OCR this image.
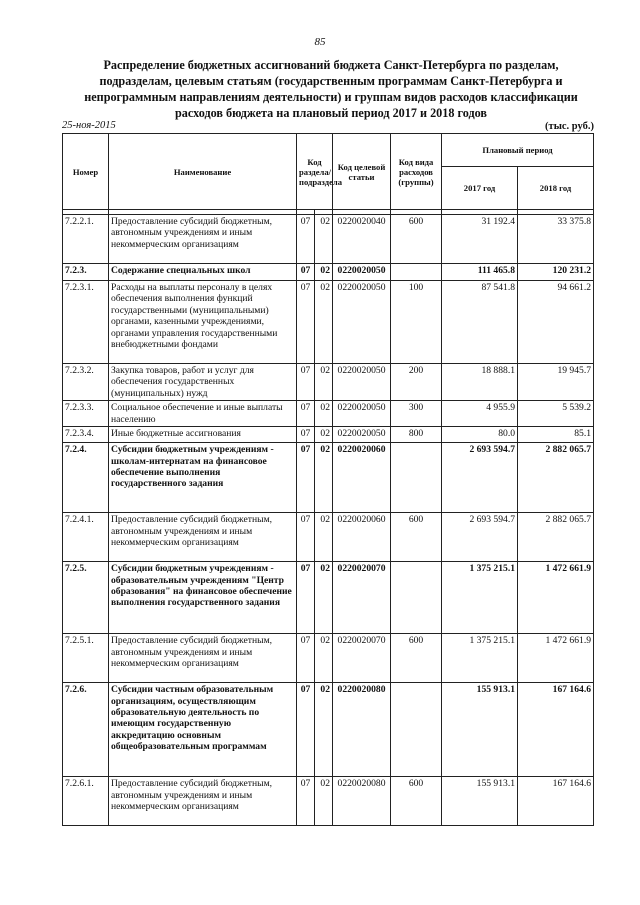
85
Распределение бюджетных ассигнований бюджета Санкт-Петербурга по разделам, подразделам, целевым статьям (государственным программам Санкт-Петербурга и непрограммным направлениям деятельности) и группам видов расходов классификации расходов бюджета на плановый период 2017 и 2018 годов
25-ноя-2015	(тыс. руб.)
Номер	Наименование	Код раздела/ подраздела		Код целевой статьи	Код вида расходов (группы)	Плановый период	
						2017 год	2018 год

7.2.2.1.	Предоставление субсидий бюджетным, автономным учреждениям и иным некоммерческим организациям	07	02	0220020040	600	31 192.4	33 375.8
7.2.3.	Содержание специальных школ	07	02	0220020050		111 465.8	120 231.2
7.2.3.1.	Расходы на выплаты персоналу в целях обеспечения выполнения функций государственными (муниципальными) органами, казенными учреждениями, органами управления государственными внебюджетными фондами	07	02	0220020050	100	87 541.8	94 661.2
7.2.3.2.	Закупка товаров, работ и услуг для обеспечения государственных (муниципальных) нужд	07	02	0220020050	200	18 888.1	19 945.7
7.2.3.3.	Социальное обеспечение и иные выплаты населению	07	02	0220020050	300	4 955.9	5 539.2
7.2.3.4.	Иные бюджетные ассигнования	07	02	0220020050	800	80.0	85.1
7.2.4.	Субсидии бюджетным учреждениям - школам-интернатам на финансовое обеспечение выполнения государственного задания	07	02	0220020060		2 693 594.7	2 882 065.7
7.2.4.1.	Предоставление субсидий бюджетным, автономным учреждениям и иным некоммерческим организациям	07	02	0220020060	600	2 693 594.7	2 882 065.7
7.2.5.	Субсидии бюджетным учреждениям - образовательным учреждениям "Центр образования" на финансовое обеспечение выполнения государственного задания	07	02	0220020070		1 375 215.1	1 472 661.9
7.2.5.1.	Предоставление субсидий бюджетным, автономным учреждениям и иным некоммерческим организациям	07	02	0220020070	600	1 375 215.1	1 472 661.9
7.2.6.	Субсидии частным образовательным организациям, осуществляющим образовательную деятельность по имеющим государственную аккредитацию основным общеобразовательным программам	07	02	0220020080		155 913.1	167 164.6
7.2.6.1.	Предоставление субсидий бюджетным, автономным учреждениям и иным некоммерческим организациям	07	02	0220020080	600	155 913.1	167 164.6
